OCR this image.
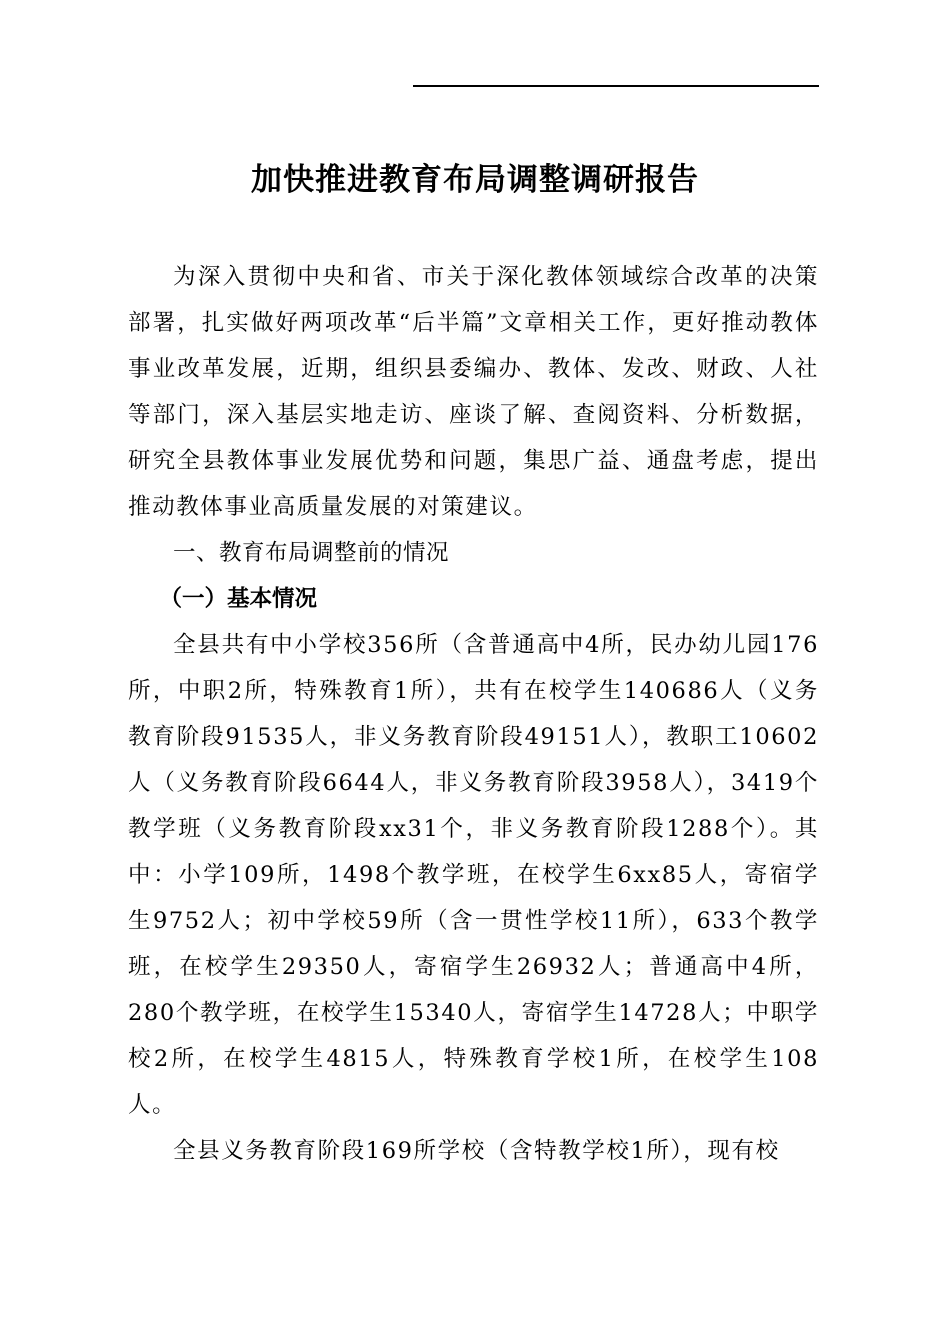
加快推进教育布局调整调研报告

为深入贯彻中央和省、市关于深化教体领域综合改革的决策部署，扎实做好两项改革“后半篇”文章相关工作，更好推动教体事业改革发展，近期，组织县委编办、教体、发改、财政、人社等部门，深入基层实地走访、座谈了解、查阅资料、分析数据，研究全县教体事业发展优势和问题，集思广益、通盘考虑，提出推动教体事业高质量发展的对策建议。

一、教育布局调整前的情况

（一）基本情况

全县共有中小学校356所（含普通高中4所，民办幼儿园176所，中职2所，特殊教育1所），共有在校学生140686人（义务教育阶段91535人，非义务教育阶段49151人），教职工10602人（义务教育阶段6644人，非义务教育阶段3958人），3419个教学班（义务教育阶段xx31个，非义务教育阶段1288个）。其中：小学109所，1498个教学班，在校学生6xx85人，寄宿学生9752人；初中学校59所（含一贯性学校11所），633个教学班，在校学生29350人，寄宿学生26932人；普通高中4所，280个教学班，在校学生15340人，寄宿学生14728人；中职学校2所，在校学生4815人，特殊教育学校1所，在校学生108人。

全县义务教育阶段169所学校（含特教学校1所），现有校
